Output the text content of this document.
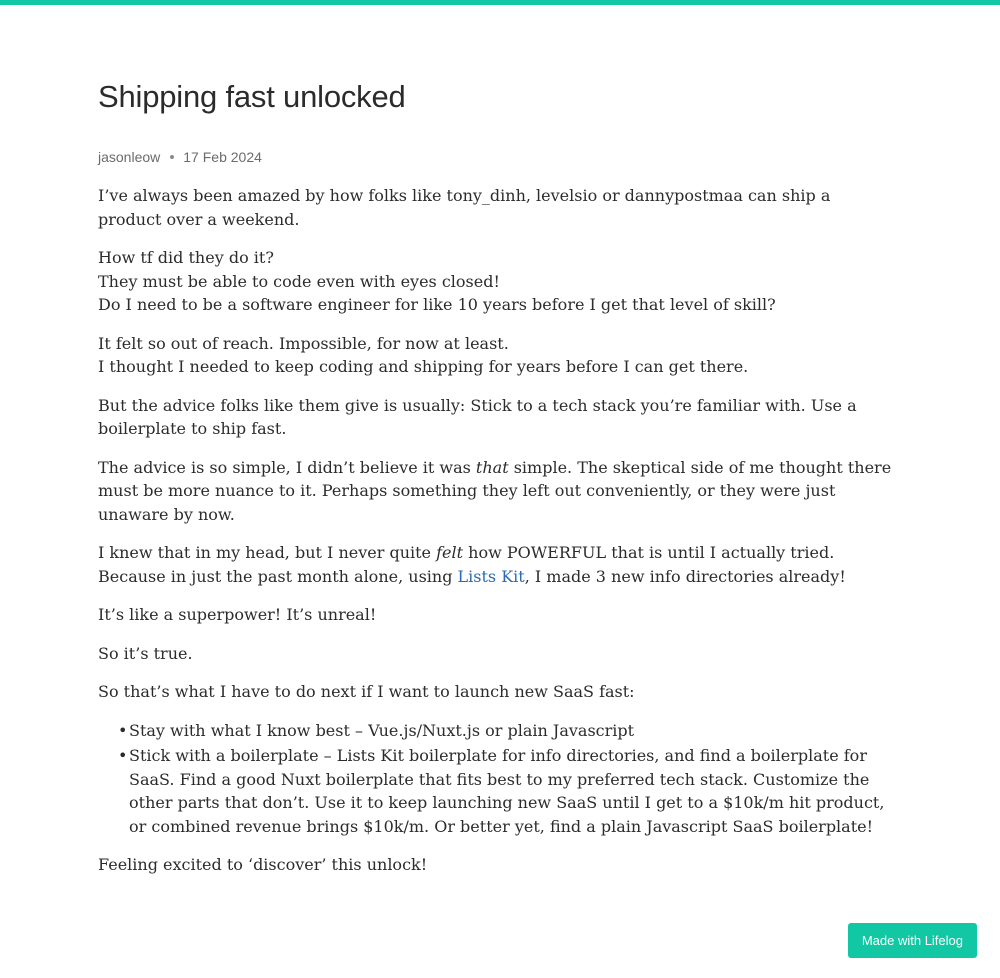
Shipping fast unlocked
jasonleow 17 Feb 2024

I’ve always been amazed by how folks like tony_dinh, levelsio or dannypostmaa can ship a product over a weekend.

How tf did they do it?
They must be able to code even with eyes closed!
Do I need to be a software engineer for like 10 years before I get that level of skill?

It felt so out of reach. Impossible, for now at least.
I thought I needed to keep coding and shipping for years before I can get there.

But the advice folks like them give is usually: Stick to a tech stack you’re familiar with. Use a boilerplate to ship fast.

The advice is so simple, I didn’t believe it was that simple. The skeptical side of me thought there must be more nuance to it. Perhaps something they left out conveniently, or they were just unaware by now.

I knew that in my head, but I never quite felt how POWERFUL that is until I actually tried. Because in just the past month alone, using Lists Kit, I made 3 new info directories already!

It’s like a superpower! It’s unreal!

So it’s true.

So that’s what I have to do next if I want to launch new SaaS fast:

• Stay with what I know best – Vue.js/Nuxt.js or plain Javascript
• Stick with a boilerplate – Lists Kit boilerplate for info directories, and find a boilerplate for SaaS. Find a good Nuxt boilerplate that fits best to my preferred tech stack. Customize the other parts that don’t. Use it to keep launching new SaaS until I get to a $10k/m hit product, or combined revenue brings $10k/m. Or better yet, find a plain Javascript SaaS boilerplate!

Feeling excited to ‘discover’ this unlock!

Made with Lifelog
